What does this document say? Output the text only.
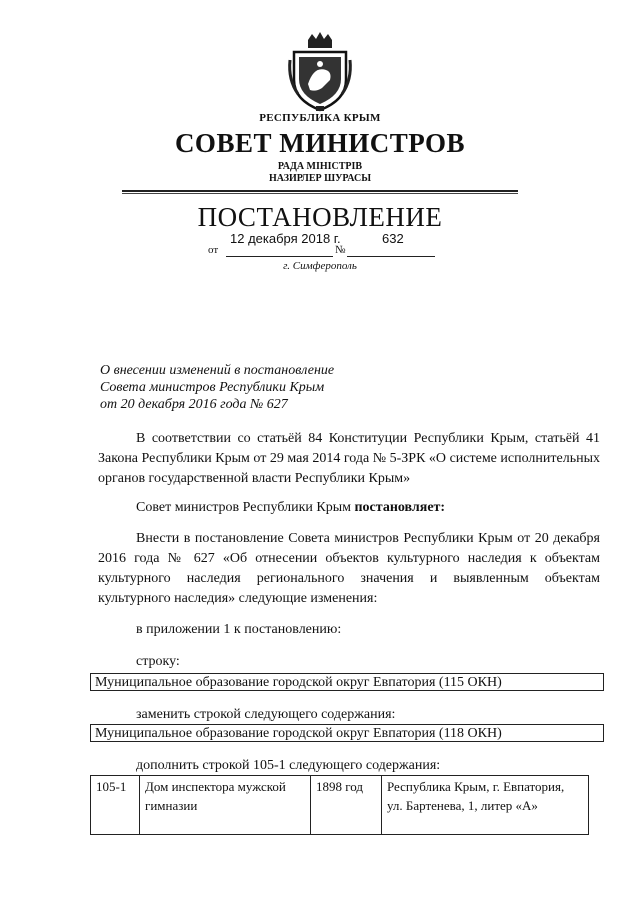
РЕСПУБЛИКА КРЫМ
СОВЕТ МИНИСТРОВ
РАДА МІНІСТРІВ
НАЗИРЛЕР ШУРАСЫ
ПОСТАНОВЛЕНИЕ
12 декабря 2018 г.	632
от	№
г. Симферополь
О внесении изменений в постановление
Совета министров Республики Крым
от 20 декабря 2016 года № 627
В соответствии со статьёй 84 Конституции Республики Крым, статьёй 41 Закона Республики Крым от 29 мая 2014 года № 5-ЗРК «О системе исполнительных органов государственной власти Республики Крым»
Совет министров Республики Крым постановляет:
Внести в постановление Совета министров Республики Крым от 20 декабря 2016 года № 627 «Об отнесении объектов культурного наследия к объектам культурного наследия регионального значения и выявленным объектам культурного наследия» следующие изменения:
в приложении 1 к постановлению:
строку:
Муниципальное образование городской округ Евпатория (115 ОКН)
заменить строкой следующего содержания:
Муниципальное образование городской округ Евпатория (118 ОКН)
дополнить строкой 105-1 следующего содержания:
105-1	Дом инспектора мужской гимназии	1898 год	Республика Крым, г. Евпатория, ул. Бартенева, 1, литер «А»
